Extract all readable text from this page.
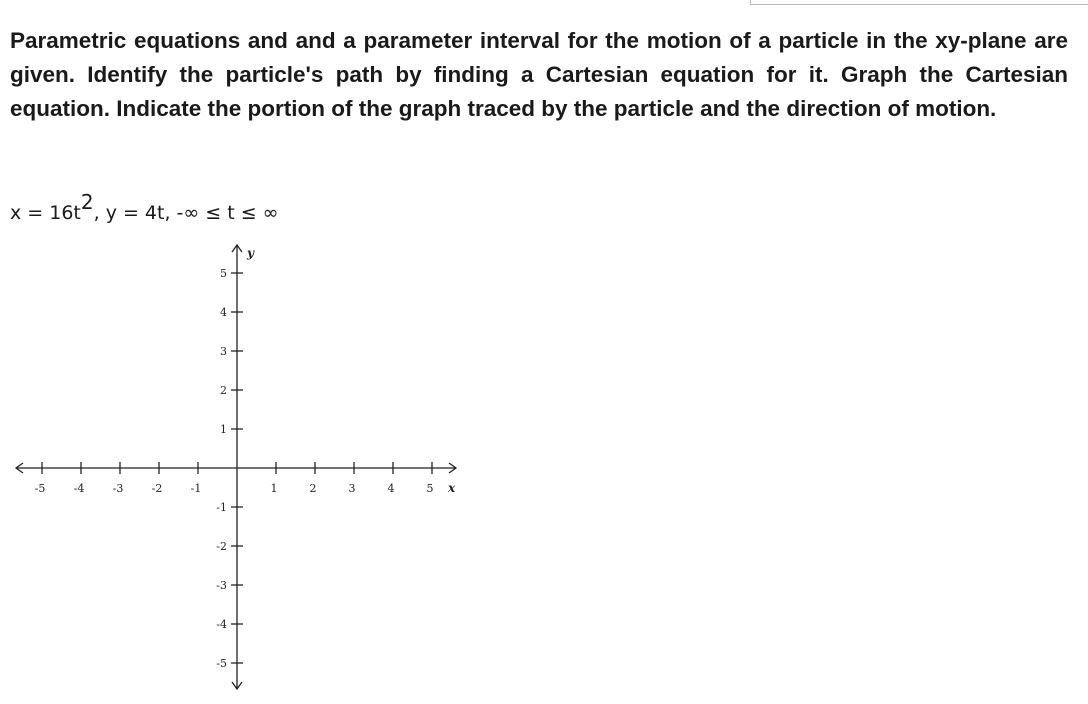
Parametric equations and and a parameter interval for the motion of a particle in the xy-plane are given. Identify the particle's path by finding a Cartesian equation for it. Graph the Cartesian equation. Indicate the portion of the graph traced by the particle and the direction of motion.

$x = 16t^2$, y = 4t, -∞ ≤ t ≤ ∞
-5	-4	-3	-2	-1	1	2	3	4	5
-5
-4
-3
-2
-1
1
2
3
4
5
x
y
